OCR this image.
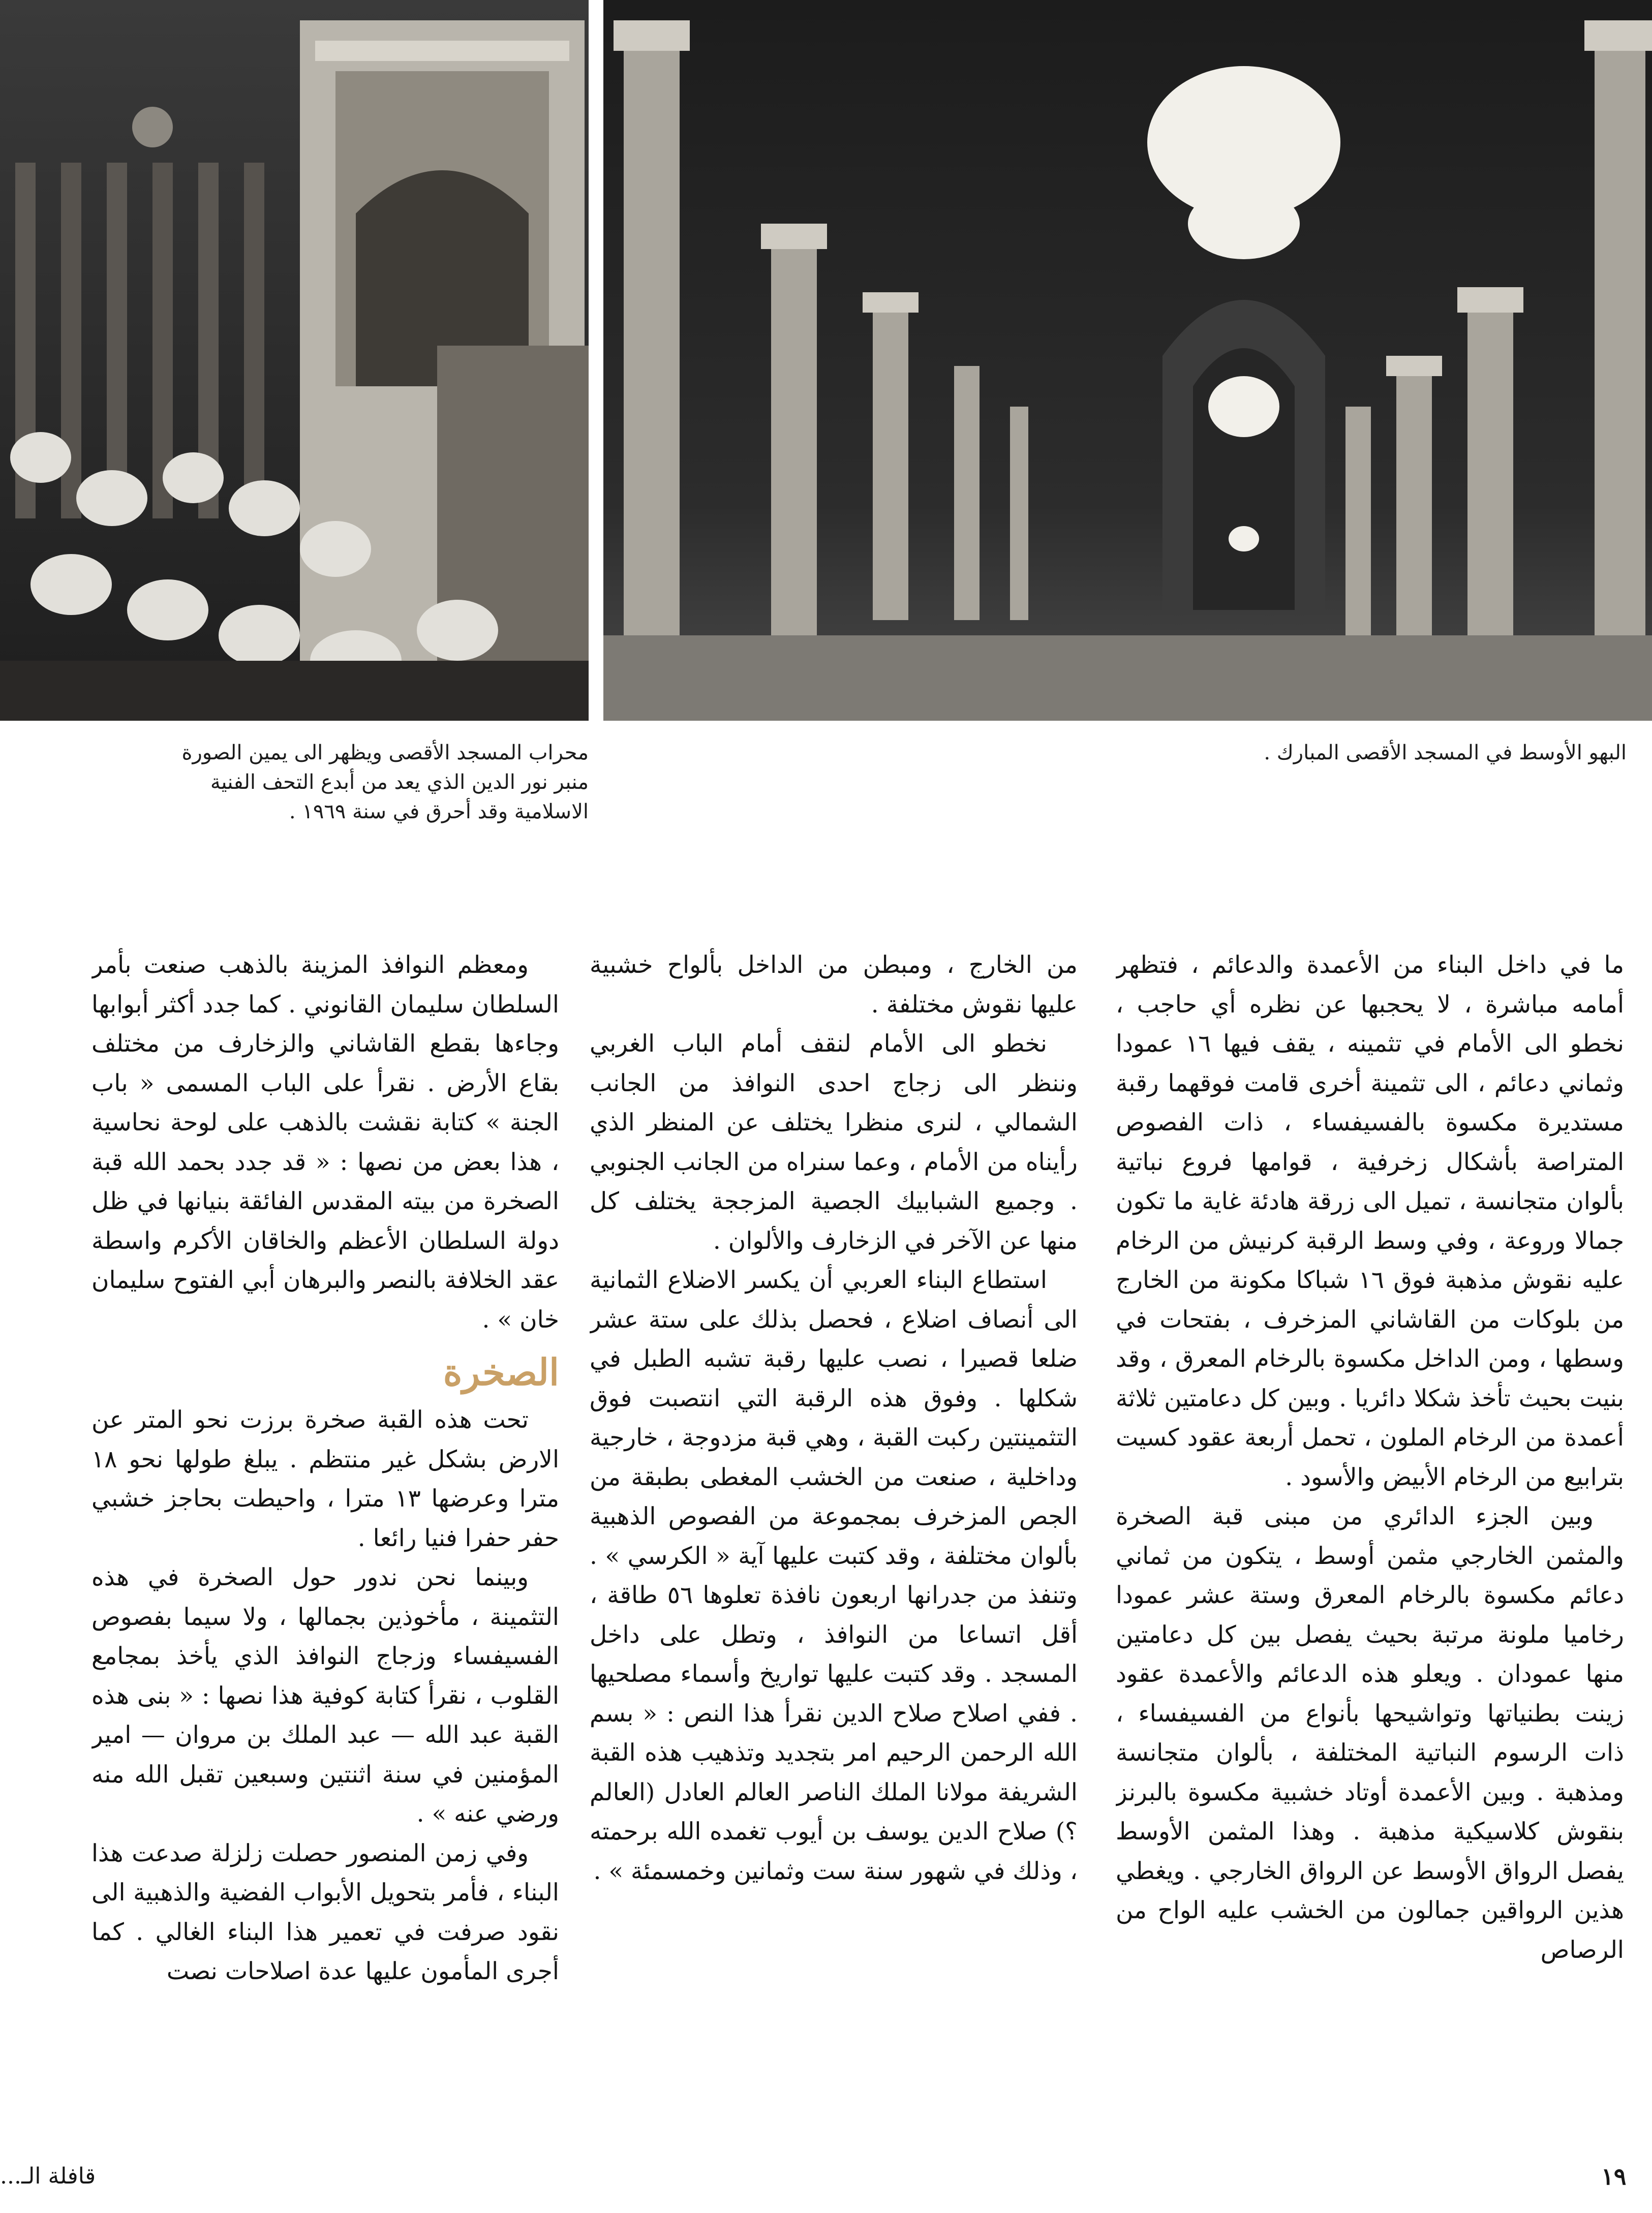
محراب المسجد الأقصى ويظهر الى يمين الصورة
منبر نور الدين الذي يعد من أبدع التحف الفنية
الاسلامية وقد أحرق في سنة ١٩٦٩ .
البهو الأوسط في المسجد الأقصى المبارك .

ما في داخل البناء من الأعمدة والدعائم ، فتظهر أمامه مباشرة ، لا يحجبها عن نظره أي حاجب ، نخطو الى الأمام في تثمينه ، يقف فيها ١٦ عمودا وثماني دعائم ، الى تثمينة أخرى قامت فوقهما رقبة مستديرة مكسوة بالفسيفساء ، ذات الفصوص المتراصة بأشكال زخرفية ، قوامها فروع نباتية بألوان متجانسة ، تميل الى زرقة هادئة غاية ما تكون جمالا وروعة ، وفي وسط الرقبة كرنيش من الرخام عليه نقوش مذهبة فوق ١٦ شباكا مكونة من الخارج من بلوكات من القاشاني المزخرف ، بفتحات في وسطها ، ومن الداخل مكسوة بالرخام المعرق ، وقد بنيت بحيث تأخذ شكلا دائريا . وبين كل دعامتين ثلاثة أعمدة من الرخام الملون ، تحمل أربعة عقود كسيت بترابيع من الرخام الأبيض والأسود .

وبين الجزء الدائري من مبنى قبة الصخرة والمثمن الخارجي مثمن أوسط ، يتكون من ثماني دعائم مكسوة بالرخام المعرق وستة عشر عمودا رخاميا ملونة مرتبة بحيث يفصل بين كل دعامتين منها عمودان . ويعلو هذه الدعائم والأعمدة عقود زينت بطنياتها وتواشيحها بأنواع من الفسيفساء ، ذات الرسوم النباتية المختلفة ، بألوان متجانسة ومذهبة . وبين الأعمدة أوتاد خشبية مكسوة بالبرنز بنقوش كلاسيكية مذهبة . وهذا المثمن الأوسط يفصل الرواق الأوسط عن الرواق الخارجي . ويغطي هذين الرواقين جمالون من الخشب عليه الواح من الرصاص

من الخارج ، ومبطن من الداخل بألواح خشبية عليها نقوش مختلفة .

نخطو الى الأمام لنقف أمام الباب الغربي وننظر الى زجاج احدى النوافذ من الجانب الشمالي ، لنرى منظرا يختلف عن المنظر الذي رأيناه من الأمام ، وعما سنراه من الجانب الجنوبي . وجميع الشبابيك الجصية المزججة يختلف كل منها عن الآخر في الزخارف والألوان .

استطاع البناء العربي أن يكسر الاضلاع الثمانية الى أنصاف اضلاع ، فحصل بذلك على ستة عشر ضلعا قصيرا ، نصب عليها رقبة تشبه الطبل في شكلها . وفوق هذه الرقبة التي انتصبت فوق التثمينتين ركبت القبة ، وهي قبة مزدوجة ، خارجية وداخلية ، صنعت من الخشب المغطى بطبقة من الجص المزخرف بمجموعة من الفصوص الذهبية بألوان مختلفة ، وقد كتبت عليها آية « الكرسي » . وتنفذ من جدرانها اربعون نافذة تعلوها ٥٦ طاقة ، أقل اتساعا من النوافذ ، وتطل على داخل المسجد . وقد كتبت عليها تواريخ وأسماء مصلحيها . ففي اصلاح صلاح الدين نقرأ هذا النص : « بسم الله الرحمن الرحيم امر بتجديد وتذهيب هذه القبة الشريفة مولانا الملك الناصر العالم العادل (العالم ؟) صلاح الدين يوسف بن أيوب تغمده الله برحمته ، وذلك في شهور سنة ست وثمانين وخمسمئة » .

ومعظم النوافذ المزينة بالذهب صنعت بأمر السلطان سليمان القانوني . كما جدد أكثر أبوابها وجاءها بقطع القاشاني والزخارف من مختلف بقاع الأرض . نقرأ على الباب المسمى « باب الجنة » كتابة نقشت بالذهب على لوحة نحاسية ، هذا بعض من نصها : « قد جدد بحمد الله قبة الصخرة من بيته المقدس الفائقة بنيانها في ظل دولة السلطان الأعظم والخاقان الأكرم واسطة عقد الخلافة بالنصر والبرهان أبي الفتوح سليمان خان » .

الصخرة

تحت هذه القبة صخرة برزت نحو المتر عن الارض بشكل غير منتظم . يبلغ طولها نحو ١٨ مترا وعرضها ١٣ مترا ، واحيطت بحاجز خشبي حفر حفرا فنيا رائعا .

وبينما نحن ندور حول الصخرة في هذه التثمينة ، مأخوذين بجمالها ، ولا سيما بفصوص الفسيفساء وزجاج النوافذ الذي يأخذ بمجامع القلوب ، نقرأ كتابة كوفية هذا نصها : « بنى هذه القبة عبد الله — عبد الملك بن مروان — امير المؤمنين في سنة اثنتين وسبعين تقبل الله منه ورضي عنه » .

وفي زمن المنصور حصلت زلزلة صدعت هذا البناء ، فأمر بتحويل الأبواب الفضية والذهبية الى نقود صرفت في تعمير هذا البناء الغالي . كما أجرى المأمون عليها عدة اصلاحات نصت

١٩
قافلة الـ...
